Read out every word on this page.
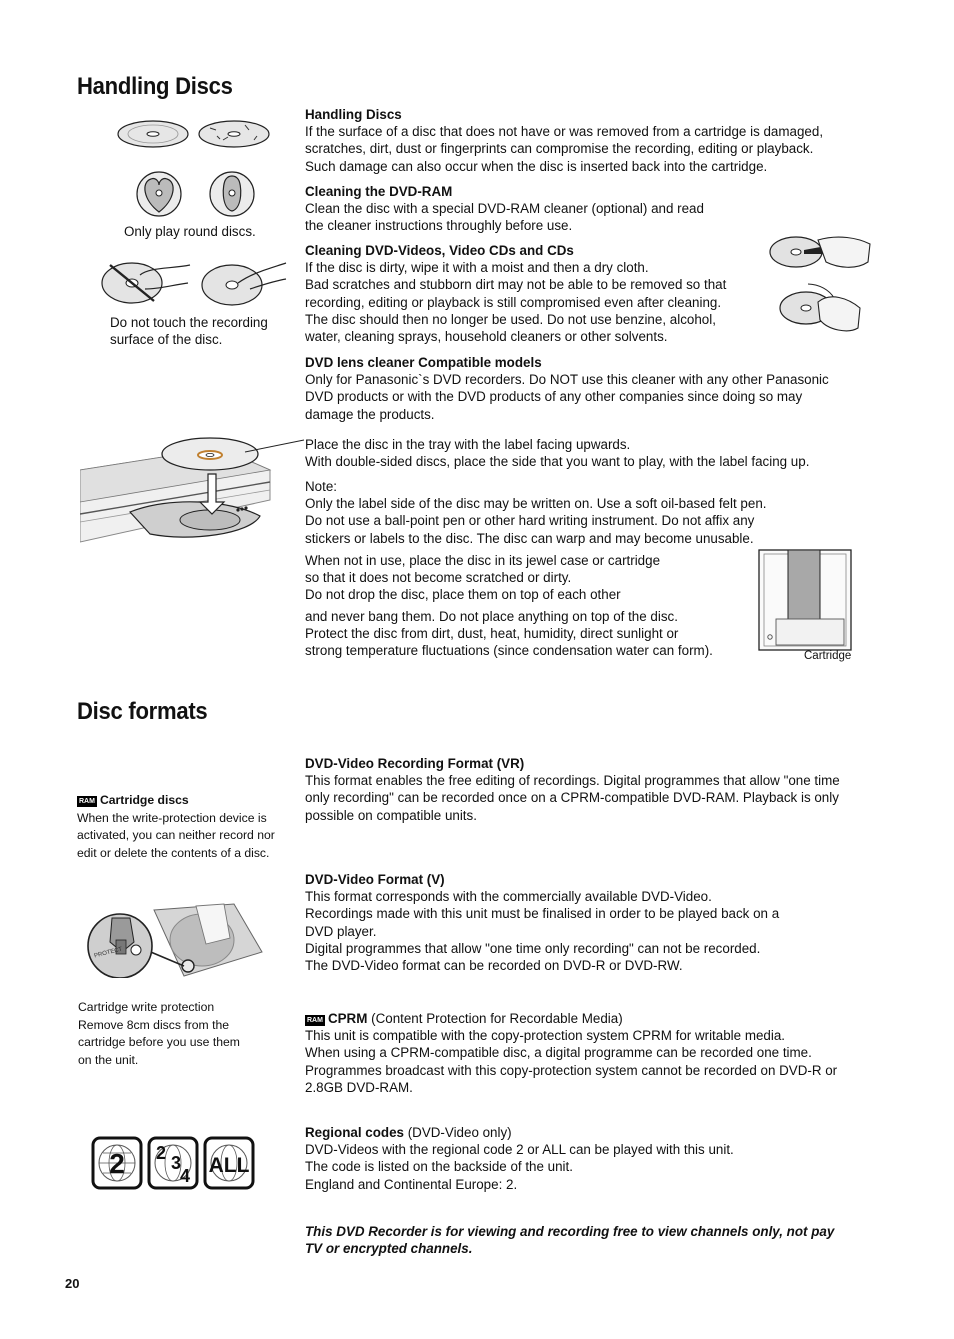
Handling Discs
Disc formats
Only play round discs.

Do not touch the recording

surface of the disc.

Handling Discs

If the surface of a disc that does not have or was removed from a cartridge is damaged,

scratches, dirt, dust or fingerprints can compromise the recording, editing or playback.

Such damage can also occur when the disc is inserted back into the cartridge.

Cleaning the DVD-RAM

Clean the disc with a special DVD-RAM cleaner (optional) and read

the cleaner instructions throughly before use.

Cleaning DVD-Videos, Video CDs and CDs

If the disc is dirty, wipe it with a moist and then a dry cloth.

Bad scratches and stubborn dirt may not be able to be removed so that

recording, editing or playback is still compromised even after cleaning.

The disc should then no longer be used. Do not use benzine, alcohol,

water, cleaning sprays, household cleaners or other solvents.

DVD lens cleaner Compatible models

Only for Panasonic`s DVD recorders. Do NOT use this cleaner with any other Panasonic

DVD products or with the DVD products of any other companies since doing so may

damage the products.

Place the disc in the tray with the label facing upwards.

With double-sided discs, place the side that you want to play, with the label facing up.

Note:

Only the label side of the disc may be written on. Use a soft oil-based felt pen.

Do not use a ball-point pen or other hard writing instrument. Do not affix any

stickers or labels to the disc. The disc can warp and may become unusable.

When not in use, place the disc in its jewel case or cartridge

so that it does not become scratched or dirty.

Do not drop the disc, place them on top of each other

and never bang them. Do not place anything on top of the disc.

Protect the disc from dirt, dust, heat, humidity, direct sunlight or

strong temperature fluctuations (since condensation water can form).	Cartridge

RAM Cartridge discs

When the write-protection device is

activated, you can neither record nor

edit or delete the contents of a disc.

PROTECT

Cartridge write protection

Remove 8cm discs from the

cartridge before you use them

on the unit.

2 2 3
4 ALL

DVD-Video Recording Format (VR)

This format enables the free editing of recordings. Digital programmes that allow "one time

only recording" can be recorded once on a CPRM-compatible DVD-RAM. Playback is only

possible on compatible units.

DVD-Video Format (V)

This format corresponds with the commercially available DVD-Video.

Recordings made with this unit must be finalised in order to be played back on a

DVD player.

Digital programmes that allow "one time only recording" can not be recorded.

The DVD-Video format can be recorded on DVD-R or DVD-RW.

RAM CPRM (Content Protection for Recordable Media)

This unit is compatible with the copy-protection system CPRM for writable media.

When using a CPRM-compatible disc, a digital programme can be recorded one time.

Programmes broadcast with this copy-protection system cannot be recorded on DVD-R or

2.8GB DVD-RAM.

Regional codes (DVD-Video only)

DVD-Videos with the regional code 2 or ALL can be played with this unit.

The code is listed on the backside of the unit.

England and Continental Europe: 2.

This DVD Recorder is for viewing and recording free to view channels only, not pay

TV or encrypted channels.

20
